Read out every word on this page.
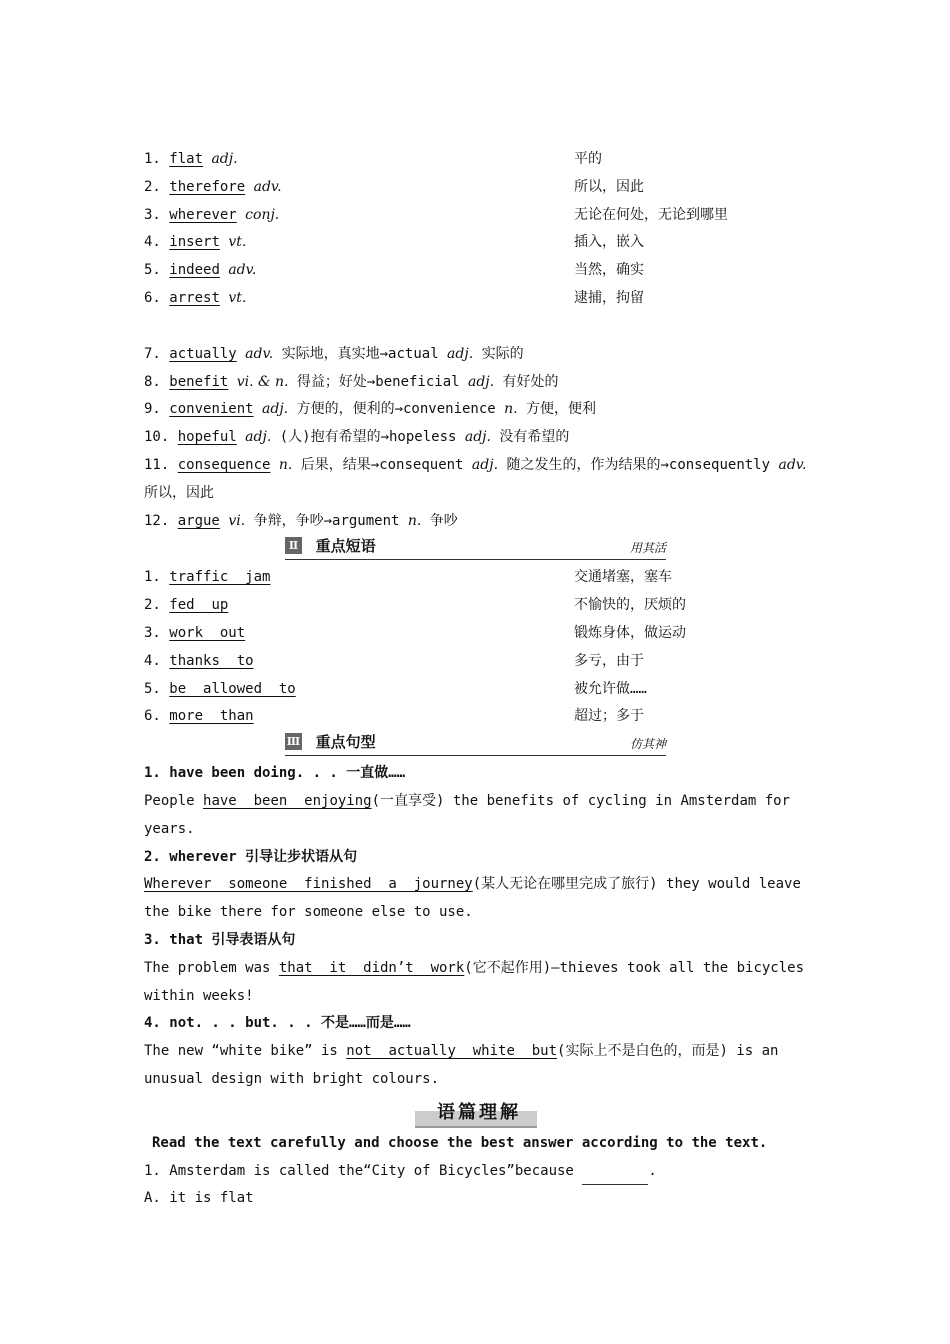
1. flat adj.	平的
2. therefore adv.	所以，因此
3. wherever conj.	无论在何处，无论到哪里
4. insert vt.	插入，嵌入
5. indeed adv.	当然，确实
6. arrest vt.	逮捕，拘留
7. actually adv. 实际地，真实地→actual adj. 实际的
8. benefit vi. & n. 得益；好处→beneficial adj. 有好处的
9. convenient adj. 方便的，便利的→convenience n. 方便，便利
10. hopeful adj. (人)抱有希望的→hopeless adj. 没有希望的
11. consequence n. 后果，结果→consequent adj. 随之发生的，作为结果的→consequently adv. 所以，因此
12. argue vi. 争辩，争吵→argument n. 争吵
Ⅱ 重点短语	用其活
1. traffic  jam	交通堵塞，塞车
2. fed  up	不愉快的，厌烦的
3. work  out	锻炼身体，做运动
4. thanks  to	多亏，由于
5. be  allowed  to	被允许做……
6. more  than	超过；多于
Ⅲ 重点句型	仿其神
1. have been doing. . . 一直做……
People have  been  enjoying(一直享受) the benefits of cycling in Amsterdam for years.
2. wherever 引导让步状语从句
Wherever  someone  finished  a  journey(某人无论在哪里完成了旅行) they would leave the bike there for someone else to use.
3. that 引导表语从句
The problem was that  it  didn’t  work(它不起作用)—thieves took all the bicycles within weeks!
4. not. . . but. . . 不是……而是……
The new “white bike” is not  actually  white  but(实际上不是白色的，而是) is an unusual design with bright colours.
语篇理解
Read the text carefully and choose the best answer according to the text.
1. Amsterdam is called the“City of Bicycles”because	.
A. it is flat
